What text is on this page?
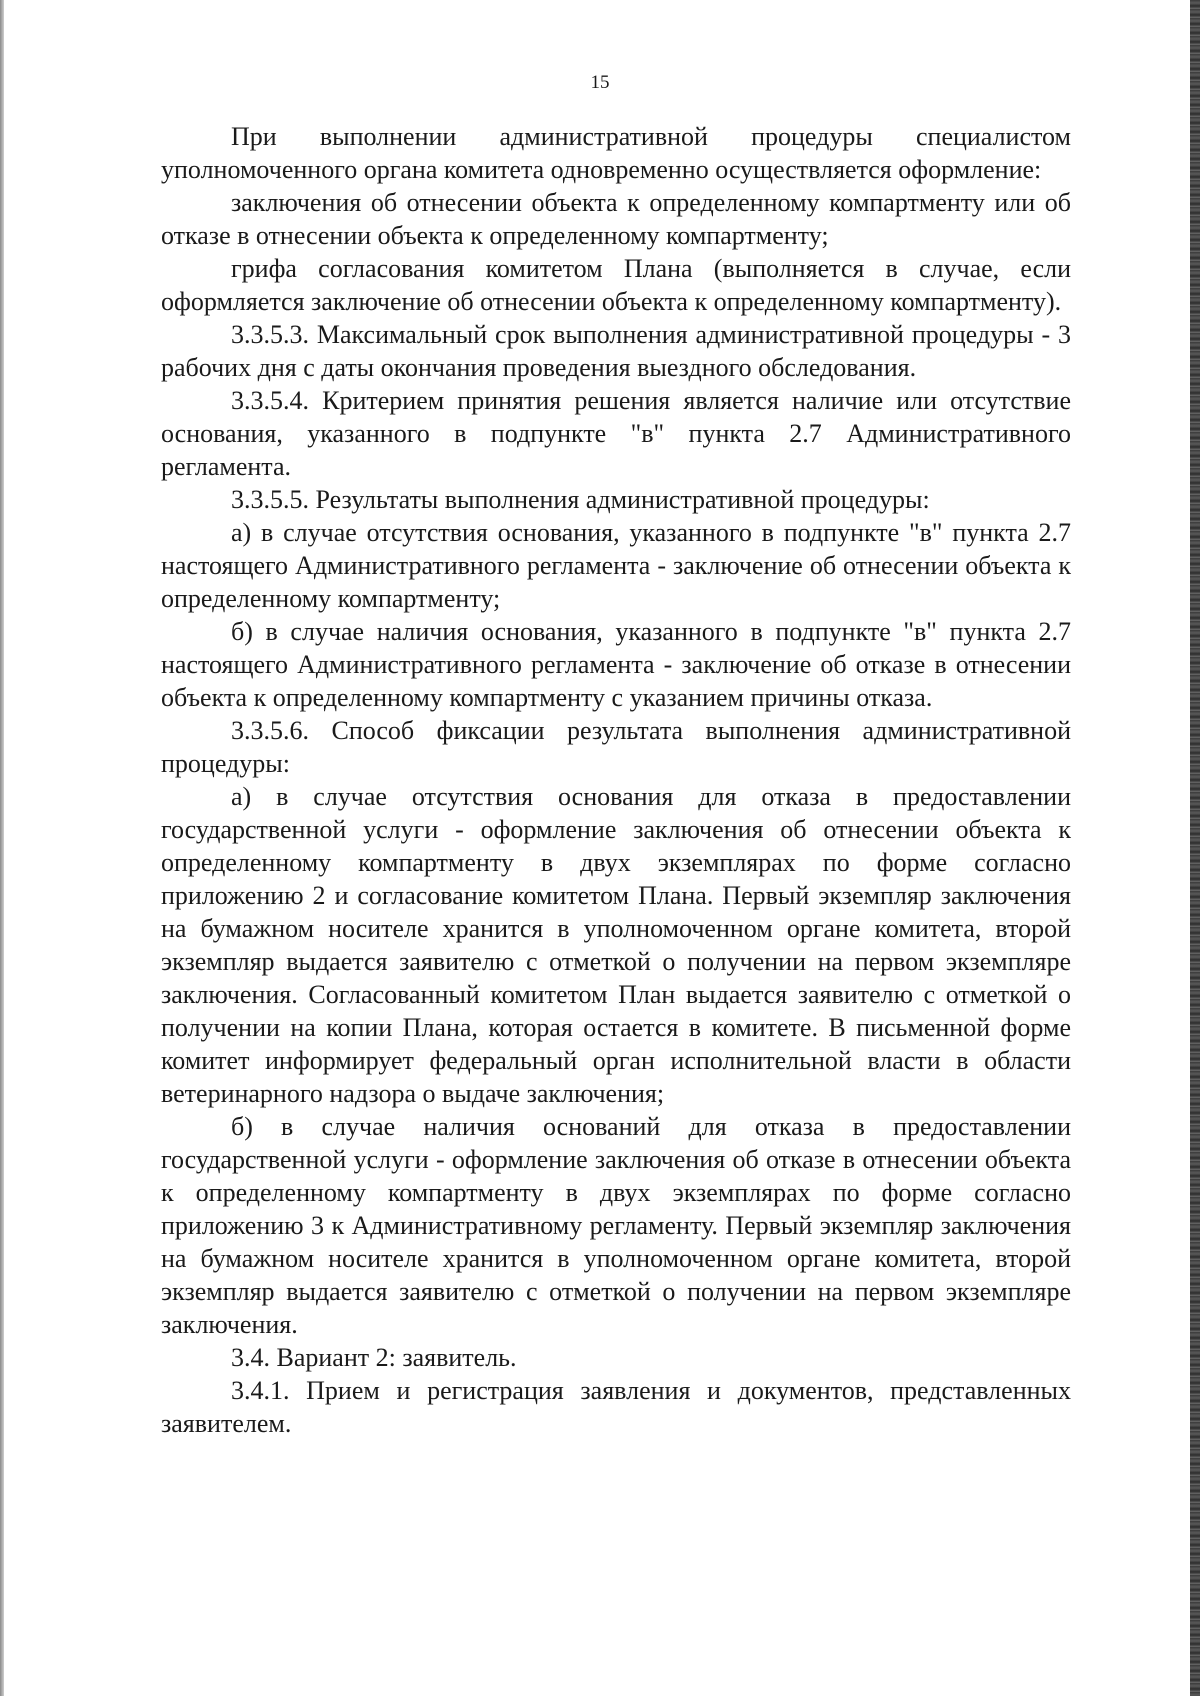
15

При выполнении административной процедуры специалистом уполномоченного органа комитета одновременно осуществляется оформление:

заключения об отнесении объекта к определенному компартменту или об отказе в отнесении объекта к определенному компартменту;

грифа согласования комитетом Плана (выполняется в случае, если оформляется заключение об отнесении объекта к определенному компартменту).

3.3.5.3. Максимальный срок выполнения административной процедуры - 3 рабочих дня с даты окончания проведения выездного обследования.

3.3.5.4. Критерием принятия решения является наличие или отсутствие основания, указанного в подпункте "в" пункта 2.7 Административного регламента.

3.3.5.5. Результаты выполнения административной процедуры:

а) в случае отсутствия основания, указанного в подпункте "в" пункта 2.7 настоящего Административного регламента - заключение об отнесении объекта к определенному компартменту;

б) в случае наличия основания, указанного в подпункте "в" пункта 2.7 настоящего Административного регламента - заключение об отказе в отнесении объекта к определенному компартменту с указанием причины отказа.

3.3.5.6. Способ фиксации результата выполнения административной процедуры:

а) в случае отсутствия основания для отказа в предоставлении государственной услуги - оформление заключения об отнесении объекта к определенному компартменту в двух экземплярах по форме согласно приложению 2 и согласование комитетом Плана. Первый экземпляр заключения на бумажном носителе хранится в уполномоченном органе комитета, второй экземпляр выдается заявителю с отметкой о получении на первом экземпляре заключения. Согласованный комитетом План выдается заявителю с отметкой о получении на копии Плана, которая остается в комитете. В письменной форме комитет информирует федеральный орган исполнительной власти в области ветеринарного надзора о выдаче заключения;

б) в случае наличия оснований для отказа в предоставлении государственной услуги - оформление заключения об отказе в отнесении объекта к определенному компартменту в двух экземплярах по форме согласно приложению 3 к Административному регламенту. Первый экземпляр заключения на бумажном носителе хранится в уполномоченном органе комитета, второй экземпляр выдается заявителю с отметкой о получении на первом экземпляре заключения.

3.4. Вариант 2: заявитель.

3.4.1. Прием и регистрация заявления и документов, представленных заявителем.
